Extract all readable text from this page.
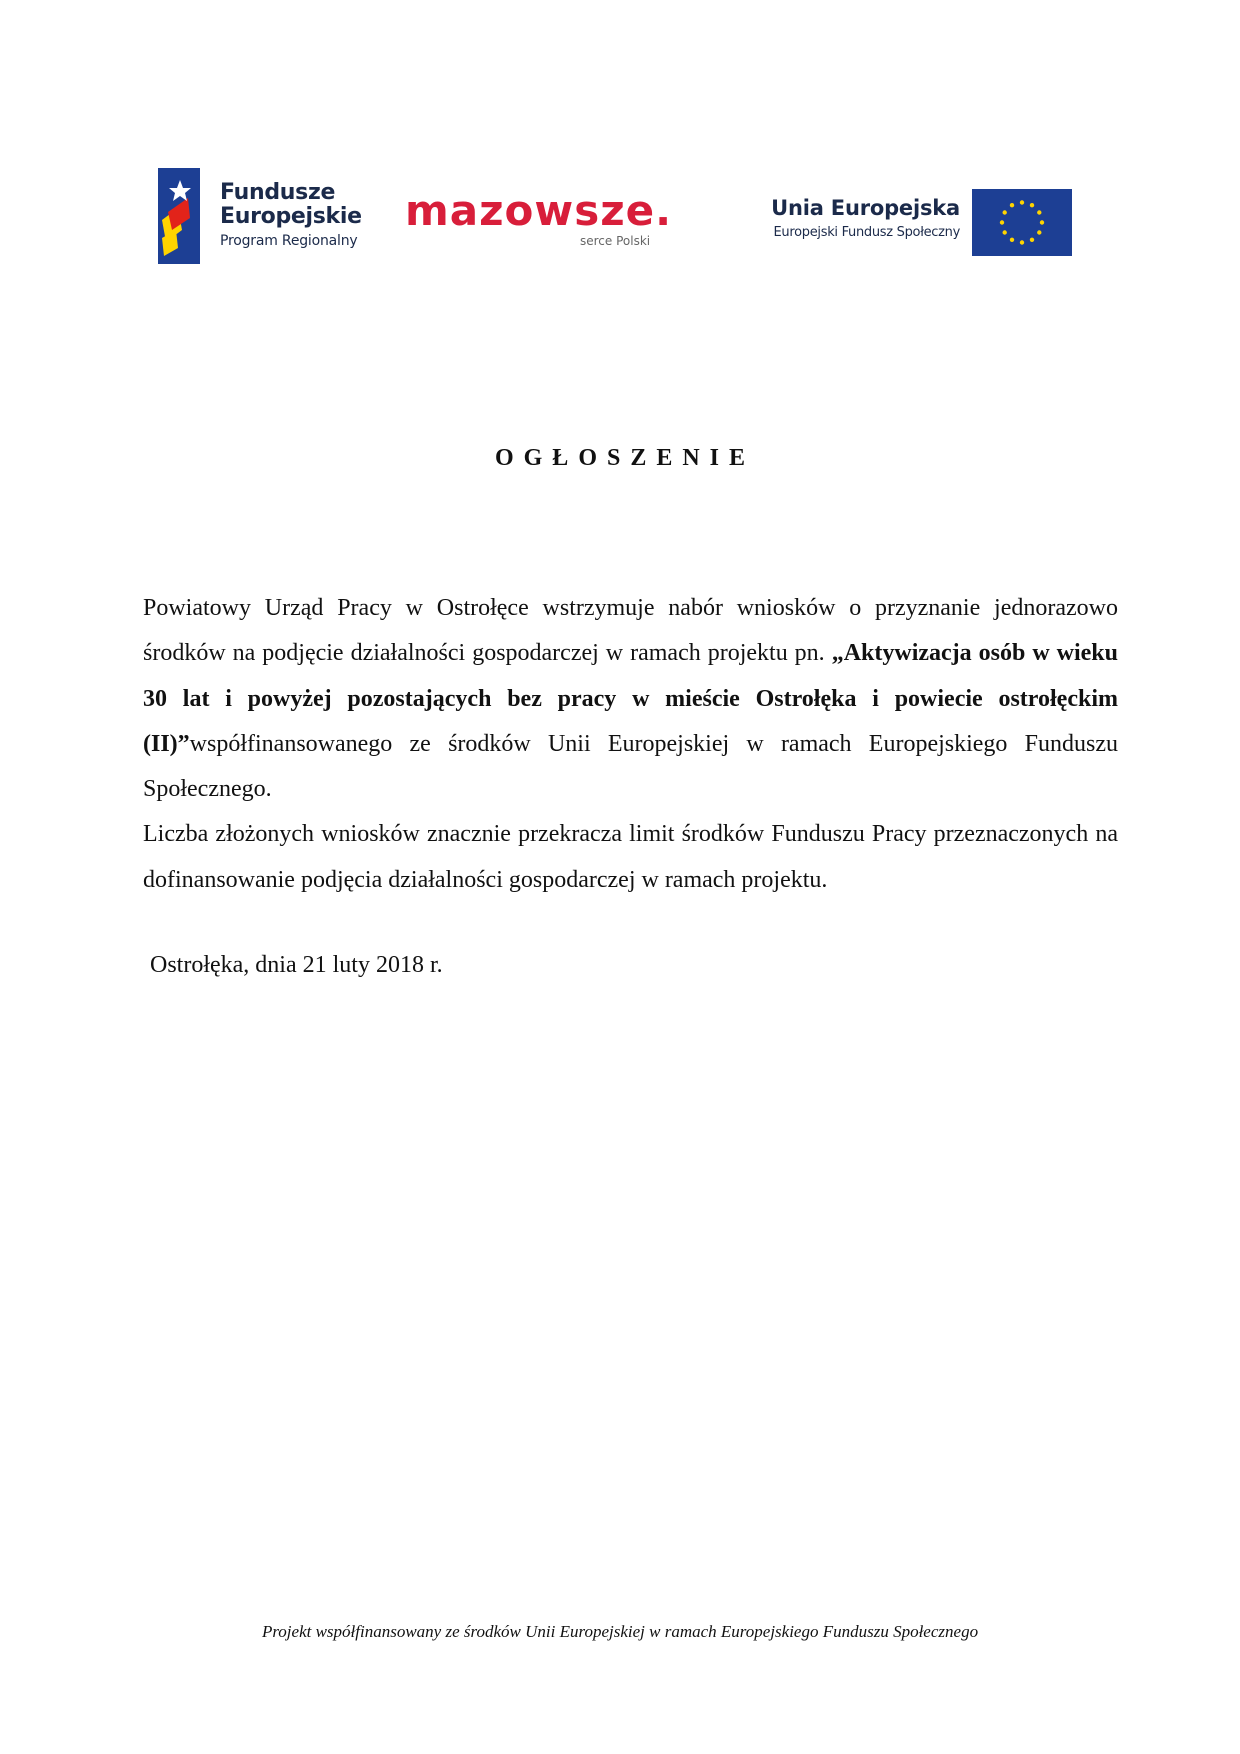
Fundusze
Europejskie
Program Regionalny
mazowsze.
serce Polski
Unia Europejska
Europejski Fundusz Społeczny
OGŁOSZENIE

Powiatowy Urząd Pracy w Ostrołęce wstrzymuje nabór wniosków o przyznanie jednorazowo środków na podjęcie działalności gospodarczej w ramach projektu pn. „Aktywizacja osób w wieku 30 lat i powyżej pozostających bez pracy w mieście Ostrołęka i powiecie ostrołęckim (II)”współfinansowanego ze środków Unii Europejskiej w ramach Europejskiego Funduszu Społecznego.

Liczba złożonych wniosków znacznie przekracza limit środków Funduszu Pracy przeznaczonych na dofinansowanie podjęcia działalności gospodarczej w ramach projektu.

Ostrołęka, dnia 21 luty 2018 r.
Projekt współfinansowany ze środków Unii Europejskiej w ramach Europejskiego Funduszu Społecznego
